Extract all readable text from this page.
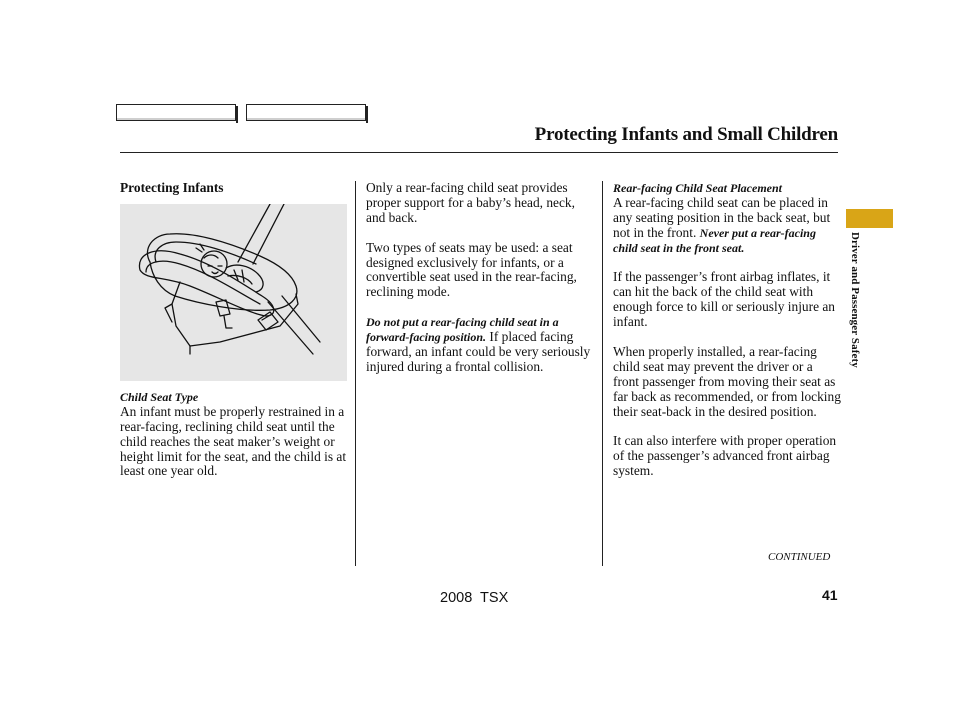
Protecting Infants and Small Children
Protecting Infants
Child Seat Type

An infant must be properly restrained in a rear-facing, reclining child seat until the child reaches the seat maker’s weight or height limit for the seat, and the child is at least one year old.

Only a rear-facing child seat provides proper support for a baby’s head, neck, and back.

Two types of seats may be used: a seat designed exclusively for infants, or a convertible seat used in the rear-facing, reclining mode.

Do not put a rear-facing child seat in a forward-facing position. If placed facing forward, an infant could be very seriously injured during a frontal collision.

Rear-facing Child Seat Placement

A rear-facing child seat can be placed in any seating position in the back seat, but not in the front. Never put a rear-facing child seat in the front seat.

If the passenger’s front airbag inflates, it can hit the back of the child seat with enough force to kill or seriously injure an infant.

When properly installed, a rear-facing child seat may prevent the driver or a front passenger from moving their seat as far back as recommended, or from locking their seat-back in the desired position.

It can also interfere with proper operation of the passenger’s advanced front airbag system.

Driver and Passenger Safety
CONTINUED
2008  TSX	41
